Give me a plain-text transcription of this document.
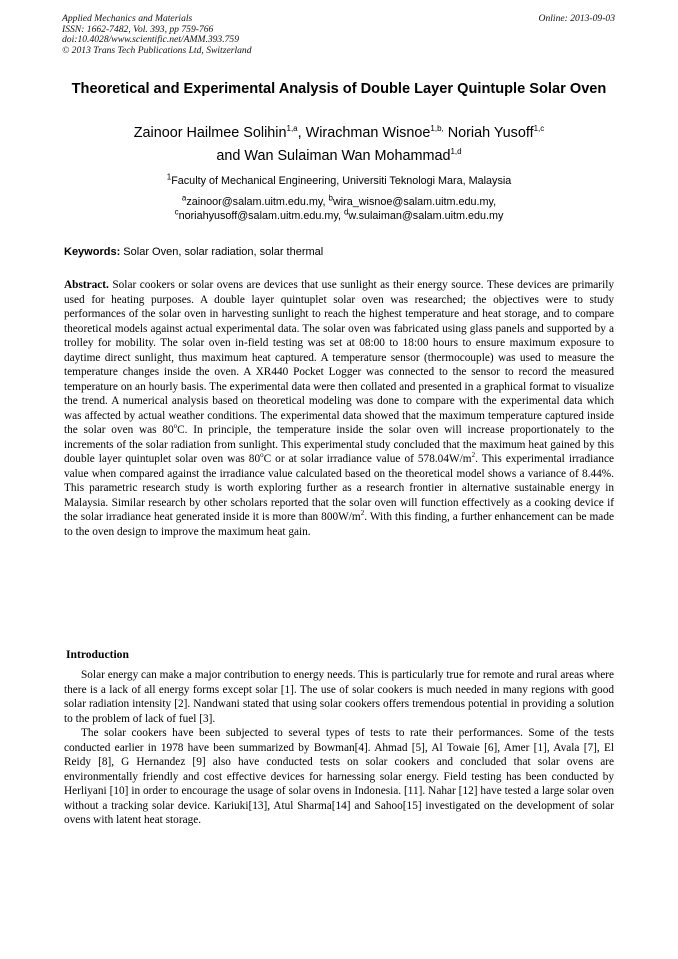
Applied Mechanics and Materials
ISSN: 1662-7482, Vol. 393, pp 759-766
doi:10.4028/www.scientific.net/AMM.393.759
© 2013 Trans Tech Publications Ltd, Switzerland
Online: 2013-09-03
Theoretical and Experimental Analysis of Double Layer Quintuple Solar Oven
Zainoor Hailmee Solihin$^{1,a}$, Wirachman Wisnoe$^{1,b,}$ Noriah Yusoff$^{1,c}$
and Wan Sulaiman Wan Mohammad$^{1,d}$
$^1$Faculty of Mechanical Engineering, Universiti Teknologi Mara, Malaysia
$^a$zainoor@salam.uitm.edu.my, $^b$wira_wisnoe@salam.uitm.edu.my,
$^c$noriahyusoff@salam.uitm.edu.my, $^d$w.sulaiman@salam.uitm.edu.my
Keywords: Solar Oven, solar radiation, solar thermal
Abstract. Solar cookers or solar ovens are devices that use sunlight as their energy source. These devices are primarily used for heating purposes. A double layer quintuplet solar oven was researched; the objectives were to study performances of the solar oven in harvesting sunlight to reach the highest temperature and heat storage, and to compare theoretical models against actual experimental data. The solar oven was fabricated using glass panels and supported by a trolley for mobility. The solar oven in-field testing was set at 08:00 to 18:00 hours to ensure maximum exposure to daytime direct sunlight, thus maximum heat captured. A temperature sensor (thermocouple) was used to measure the temperature changes inside the oven. A XR440 Pocket Logger was connected to the sensor to record the measured temperature on an hourly basis. The experimental data were then collated and presented in a graphical format to visualize the trend. A numerical analysis based on theoretical modeling was done to compare with the experimental data which was affected by actual weather conditions. The experimental data showed that the maximum temperature captured inside the solar oven was 80$^o$C. In principle, the temperature inside the solar oven will increase proportionately to the increments of the solar radiation from sunlight. This experimental study concluded that the maximum heat gained by this double layer quintuplet solar oven was 80$^o$C or at solar irradiance value of $578.04W/m^2$. This experimental irradiance value when compared against the irradiance value calculated based on the theoretical model shows a variance of 8.44%. This parametric research study is worth exploring further as a research frontier in alternative sustainable energy in Malaysia. Similar research by other scholars reported that the solar oven will function effectively as a cooking device if the solar irradiance heat generated inside it is more than $800W/m^2$. With this finding, a further enhancement can be made to the oven design to improve the maximum heat gain.
Introduction

Solar energy can make a major contribution to energy needs. This is particularly true for remote and rural areas where there is a lack of all energy forms except solar [1]. The use of solar cookers is much needed in many regions with good solar radiation intensity [2]. Nandwani stated that using solar cookers offers tremendous potential in providing a solution to the problem of lack of fuel [3].

The solar cookers have been subjected to several types of tests to rate their performances. Some of the tests conducted earlier in 1978 have been summarized by Bowman[4]. Ahmad [5], Al Towaie [6], Amer [1], Avala [7], El Reidy [8], G Hernandez [9] also have conducted tests on solar cookers and concluded that solar ovens are environmentally friendly and cost effective devices for harnessing solar energy. Field testing has been conducted by Herliyani [10] in order to encourage the usage of solar ovens in Indonesia. [11]. Nahar [12] have tested a large solar oven without a tracking solar device. Kariuki[13], Atul Sharma[14] and Sahoo[15] investigated on the development of solar ovens with latent heat storage.
